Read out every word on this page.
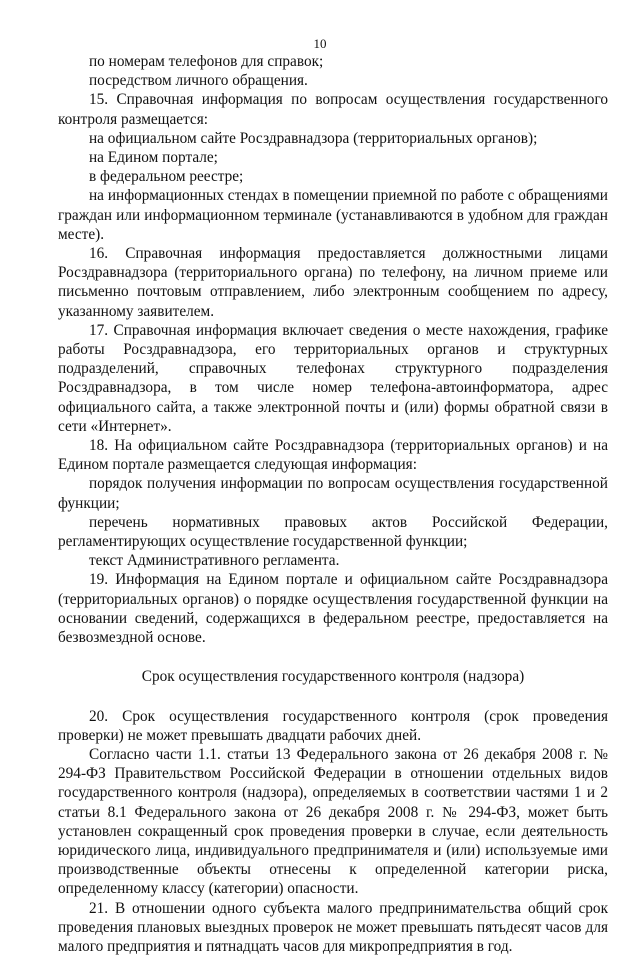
10

по номерам телефонов для справок;

посредством личного обращения.

15. Справочная информация по вопросам осуществления государственного контроля размещается:

на официальном сайте Росздравнадзора (территориальных органов);

на Едином портале;

в федеральном реестре;

на информационных стендах в помещении приемной по работе с обращениями граждан или информационном терминале (устанавливаются в удобном для граждан месте).

16. Справочная информация предоставляется должностными лицами Росздравнадзора (территориального органа) по телефону, на личном приеме или письменно почтовым отправлением, либо электронным сообщением по адресу, указанному заявителем.

17. Справочная информация включает сведения о месте нахождения, графике работы Росздравнадзора, его территориальных органов и структурных подразделений, справочных телефонах структурного подразделения Росздравнадзора, в том числе номер телефона-автоинформатора, адрес официального сайта, а также электронной почты и (или) формы обратной связи в сети «Интернет».

18. На официальном сайте Росздравнадзора (территориальных органов) и на Едином портале размещается следующая информация:

порядок получения информации по вопросам осуществления государственной функции;

перечень нормативных правовых актов Российской Федерации, регламентирующих осуществление государственной функции;

текст Административного регламента.

19. Информация на Едином портале и официальном сайте Росздравнадзора (территориальных органов) о порядке осуществления государственной функции на основании сведений, содержащихся в федеральном реестре, предоставляется на безвозмездной основе.

Срок осуществления государственного контроля (надзора)

20. Срок осуществления государственного контроля (срок проведения проверки) не может превышать двадцати рабочих дней.

Согласно части 1.1. статьи 13 Федерального закона от 26 декабря 2008 г. № 294-ФЗ Правительством Российской Федерации в отношении отдельных видов государственного контроля (надзора), определяемых в соответствии частями 1 и 2 статьи 8.1 Федерального закона от 26 декабря 2008 г. № 294-ФЗ, может быть установлен сокращенный срок проведения проверки в случае, если деятельность юридического лица, индивидуального предпринимателя и (или) используемые ими производственные объекты отнесены к определенной категории риска, определенному классу (категории) опасности.

21. В отношении одного субъекта малого предпринимательства общий срок проведения плановых выездных проверок не может превышать пятьдесят часов для малого предприятия и пятнадцать часов для микропредприятия в год.
